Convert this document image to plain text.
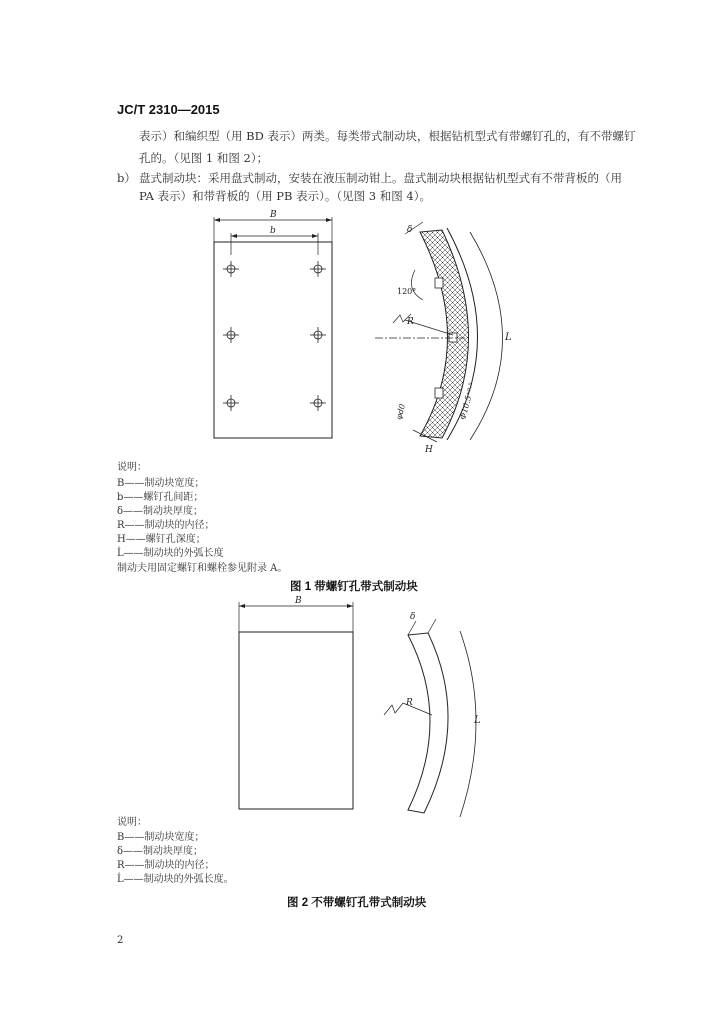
JC/T 2310—2015
表示）和编织型（用 BD 表示）两类。每类带式制动块，根据钻机型式有带螺钉孔的，有不带螺钉
孔的。（见图 1 和图 2）；
b） 盘式制动块：采用盘式制动，安装在液压制动钳上。盘式制动块根据钻机型式有不带背板的（用
PA 表示）和带背板的（用 PB 表示）。（见图 3 和图 4）。
B
b
R
120°
δ
L
φd0	Φ10.5⁺⁰·⁵
H
说明：
B——制动块宽度；
b——螺钉孔间距；
δ——制动块厚度；
R——制动块的内径；
H——螺钉孔深度；
Ĺ——制动块的外弧长度
制动夫用固定螺钉和螺栓参见附录 A。
图 1 带螺钉孔带式制动块
B
δ
R
L
说明：
B——制动块宽度；
δ——制动块厚度；
R——制动块的内径；
Ĺ——制动块的外弧长度。
图 2 不带螺钉孔带式制动块
2
